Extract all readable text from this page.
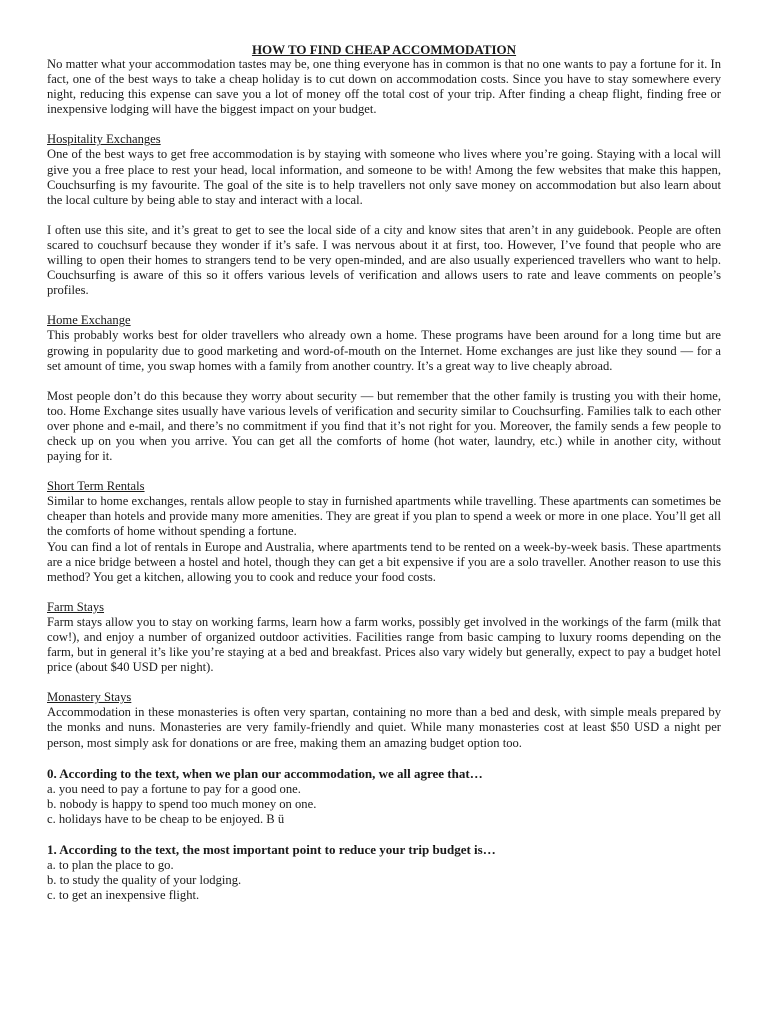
HOW TO FIND CHEAP ACCOMMODATION

No matter what your accommodation tastes may be, one thing everyone has in common is that no one wants to pay a fortune for it. In fact, one of the best ways to take a cheap holiday is to cut down on accommodation costs. Since you have to stay somewhere every night, reducing this expense can save you a lot of money off the total cost of your trip. After finding a cheap flight, finding free or inexpensive lodging will have the biggest impact on your budget.

Hospitality Exchanges

One of the best ways to get free accommodation is by staying with someone who lives where you’re going. Staying with a local will give you a free place to rest your head, local information, and someone to be with! Among the few websites that make this happen, Couchsurfing is my favourite. The goal of the site is to help travellers not only save money on accommodation but also learn about the local culture by being able to stay and interact with a local.

I often use this site, and it’s great to get to see the local side of a city and know sites that aren’t in any guidebook. People are often scared to couchsurf because they wonder if it’s safe. I was nervous about it at first, too. However, I’ve found that people who are willing to open their homes to strangers tend to be very open-minded, and are also usually experienced travellers who want to help. Couchsurfing is aware of this so it offers various levels of verification and allows users to rate and leave comments on people’s profiles.

Home Exchange

This probably works best for older travellers who already own a home. These programs have been around for a long time but are growing in popularity due to good marketing and word-of-mouth on the Internet. Home exchanges are just like they sound — for a set amount of time, you swap homes with a family from another country. It’s a great way to live cheaply abroad.

Most people don’t do this because they worry about security — but remember that the other family is trusting you with their home, too. Home Exchange sites usually have various levels of verification and security similar to Couchsurfing. Families talk to each other over phone and e-mail, and there’s no commitment if you find that it’s not right for you. Moreover, the family sends a few people to check up on you when you arrive. You can get all the comforts of home (hot water, laundry, etc.) while in another city, without paying for it.

Short Term Rentals

Similar to home exchanges, rentals allow people to stay in furnished apartments while travelling. These apartments can sometimes be cheaper than hotels and provide many more amenities. They are great if you plan to spend a week or more in one place. You’ll get all the comforts of home without spending a fortune.

You can find a lot of rentals in Europe and Australia, where apartments tend to be rented on a week-by-week basis. These apartments are a nice bridge between a hostel and hotel, though they can get a bit expensive if you are a solo traveller. Another reason to use this method? You get a kitchen, allowing you to cook and reduce your food costs.

Farm Stays

Farm stays allow you to stay on working farms, learn how a farm works, possibly get involved in the workings of the farm (milk that cow!), and enjoy a number of organized outdoor activities. Facilities range from basic camping to luxury rooms depending on the farm, but in general it’s like you’re staying at a bed and breakfast. Prices also vary widely but generally, expect to pay a budget hotel price (about $40 USD per night).

Monastery Stays

Accommodation in these monasteries is often very spartan, containing no more than a bed and desk, with simple meals prepared by the monks and nuns. Monasteries are very family-friendly and quiet. While many monasteries cost at least $50 USD a night per person, most simply ask for donations or are free, making them an amazing budget option too.

0. According to the text, when we plan our accommodation, we all agree that…

a. you need to pay a fortune to pay for a good one.

b. nobody is happy to spend too much money on one.

c. holidays have to be cheap to be enjoyed. B ü

1. According to the text, the most important point to reduce your trip budget is…

a. to plan the place to go.

b. to study the quality of your lodging.

c. to get an inexpensive flight.
